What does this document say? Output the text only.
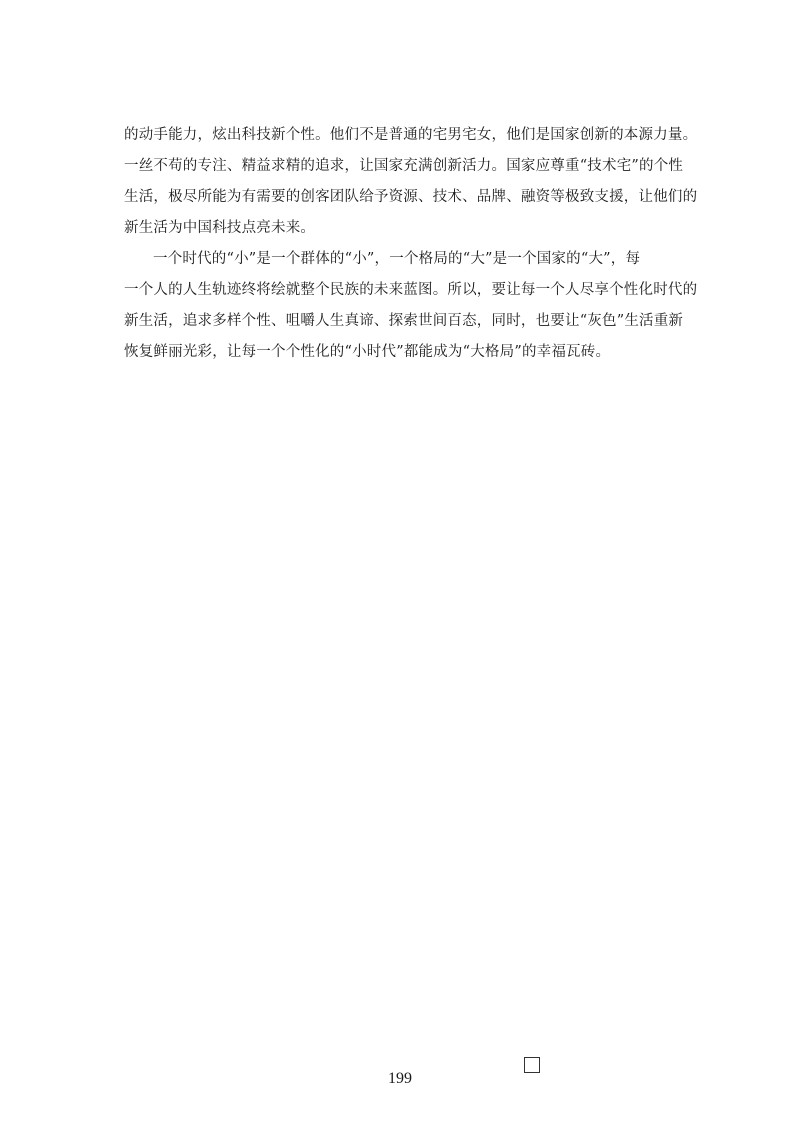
的动手能力，炫出科技新个性。他们不是普通的宅男宅女，他们是国家创新的本源力量。
一丝不苟的专注、精益求精的追求，让国家充满创新活力。国家应尊重“技术宅”的个性
生活，极尽所能为有需要的创客团队给予资源、技术、品牌、融资等极致支援，让他们的
新生活为中国科技点亮未来。

一个时代的“小”是一个群体的“小”，一个格局的“大”是一个国家的“大”，每
一个人的人生轨迹终将绘就整个民族的未来蓝图。所以，要让每一个人尽享个性化时代的
新生活，追求多样个性、咀嚼人生真谛、探索世间百态，同时，也要让“灰色”生活重新
恢复鲜丽光彩，让每一个个性化的“小时代”都能成为“大格局”的幸福瓦砖。

199
